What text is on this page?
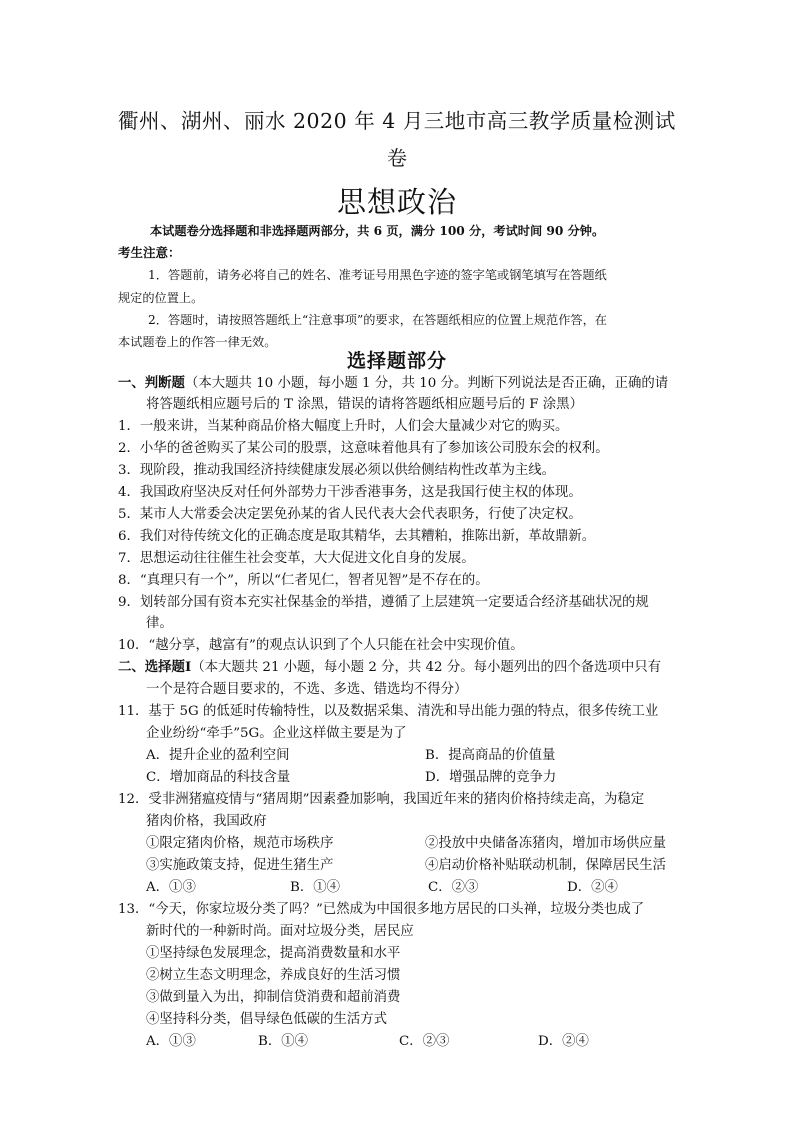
衢州、湖州、丽水 2020 年 4 月三地市高三教学质量检测试
卷
思想政治
本试题卷分选择题和非选择题两部分，共 6 页，满分 100 分，考试时间 90 分钟。
考生注意：
1．答题前，请务必将自己的姓名、准考证号用黑色字迹的签字笔或钢笔填写在答题纸
规定的位置上。
2．答题时，请按照答题纸上“注意事项”的要求，在答题纸相应的位置上规范作答，在
本试题卷上的作答一律无效。
选择题部分
一、判断题（本大题共 10 小题，每小题 1 分，共 10 分。判断下列说法是否正确，正确的请
将答题纸相应题号后的 T 涂黑，错误的请将答题纸相应题号后的 F 涂黑）
1．一般来讲，当某种商品价格大幅度上升时，人们会大量减少对它的购买。
2．小华的爸爸购买了某公司的股票，这意味着他具有了参加该公司股东会的权利。
3．现阶段，推动我国经济持续健康发展必须以供给侧结构性改革为主线。
4．我国政府坚决反对任何外部势力干涉香港事务，这是我国行使主权的体现。
5．某市人大常委会决定罢免孙某的省人民代表大会代表职务，行使了决定权。
6．我们对待传统文化的正确态度是取其精华，去其糟粕，推陈出新，革故鼎新。
7．思想运动往往催生社会变革，大大促进文化自身的发展。
8．“真理只有一个”，所以“仁者见仁，智者见智”是不存在的。
9．划转部分国有资本充实社保基金的举措，遵循了上层建筑一定要适合经济基础状况的规
律。
10．“越分享，越富有”的观点认识到了个人只能在社会中实现价值。
二、选择题Ⅰ（本大题共 21 小题，每小题 2 分，共 42 分。每小题列出的四个备选项中只有
一个是符合题目要求的，不选、多选、错选均不得分）
11．基于 5G 的低延时传输特性，以及数据采集、清洗和导出能力强的特点，很多传统工业
企业纷纷“牵手”5G。企业这样做主要是为了
A．提升企业的盈利空间	B．提高商品的价值量
C．增加商品的科技含量	D．增强品牌的竞争力
12．受非洲猪瘟疫情与“猪周期”因素叠加影响，我国近年来的猪肉价格持续走高，为稳定
猪肉价格，我国政府
①限定猪肉价格，规范市场秩序	②投放中央储备冻猪肉，增加市场供应量
③实施政策支持，促进生猪生产	④启动价格补贴联动机制，保障居民生活
A．①③	B．①④	C．②③	D．②④
13．“今天，你家垃圾分类了吗？”已然成为中国很多地方居民的口头禅，垃圾分类也成了
新时代的一种新时尚。面对垃圾分类，居民应
①坚持绿色发展理念，提高消费数量和水平
②树立生态文明理念，养成良好的生活习惯
③做到量入为出，抑制信贷消费和超前消费
④坚持科分类，倡导绿色低碳的生活方式
A．①③	B．①④	C．②③	D．②④
